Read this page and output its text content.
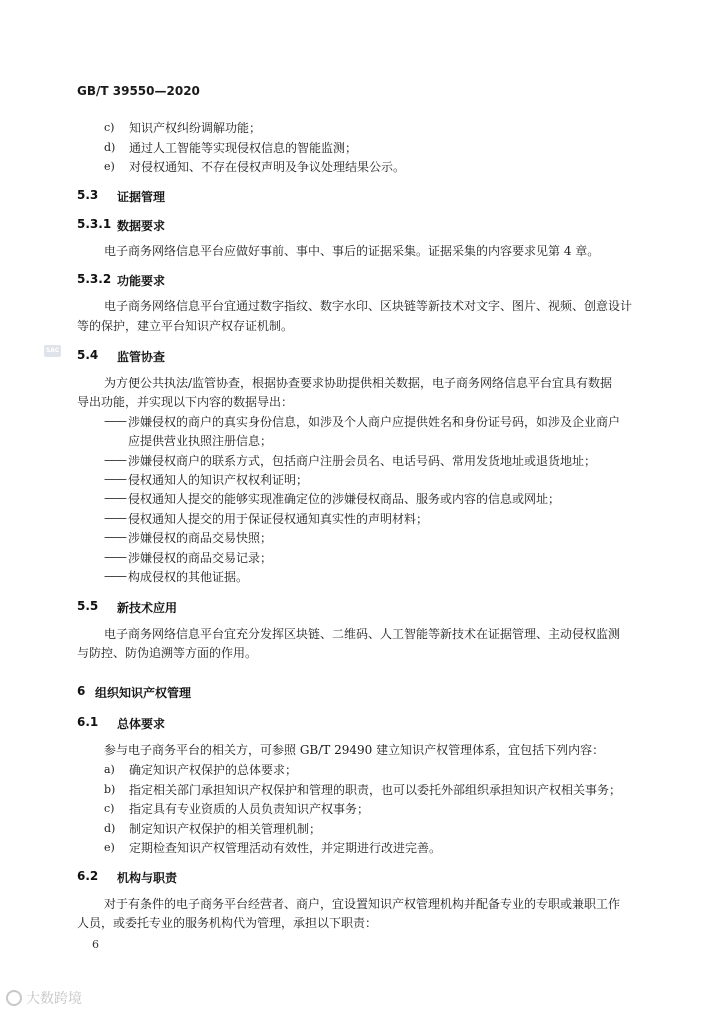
GB/T 39550—2020
c) 知识产权纠纷调解功能；
d) 通过人工智能等实现侵权信息的智能监测；
e) 对侵权通知、不存在侵权声明及争议处理结果公示。
5.3 证据管理
5.3.1 数据要求
电子商务网络信息平台应做好事前、事中、事后的证据采集。证据采集的内容要求见第 4 章。
5.3.2 功能要求
电子商务网络信息平台宜通过数字指纹、数字水印、区块链等新技术对文字、图片、视频、创意设计
等的保护，建立平台知识产权存证机制。
SAC 5.4 监管协查
为方便公共执法/监管协查，根据协查要求协助提供相关数据，电子商务网络信息平台宜具有数据
导出功能，并实现以下内容的数据导出：
—— 涉嫌侵权的商户的真实身份信息，如涉及个人商户应提供姓名和身份证号码，如涉及企业商户
应提供营业执照注册信息；
—— 涉嫌侵权商户的联系方式，包括商户注册会员名、电话号码、常用发货地址或退货地址；
—— 侵权通知人的知识产权权利证明；
—— 侵权通知人提交的能够实现准确定位的涉嫌侵权商品、服务或内容的信息或网址；
—— 侵权通知人提交的用于保证侵权通知真实性的声明材料；
—— 涉嫌侵权的商品交易快照；
—— 涉嫌侵权的商品交易记录；
—— 构成侵权的其他证据。
5.5 新技术应用
电子商务网络信息平台宜充分发挥区块链、二维码、人工智能等新技术在证据管理、主动侵权监测
与防控、防伪追溯等方面的作用。
6 组织知识产权管理
6.1 总体要求
参与电子商务平台的相关方，可参照 GB/T 29490 建立知识产权管理体系，宜包括下列内容：
a) 确定知识产权保护的总体要求；
b) 指定相关部门承担知识产权保护和管理的职责，也可以委托外部组织承担知识产权相关事务；
c) 指定具有专业资质的人员负责知识产权事务；
d) 制定知识产权保护的相关管理机制；
e) 定期检查知识产权管理活动有效性，并定期进行改进完善。
6.2 机构与职责
对于有条件的电子商务平台经营者、商户，宜设置知识产权管理机构并配备专业的专职或兼职工作
人员，或委托专业的服务机构代为管理，承担以下职责：
6
大数跨境
